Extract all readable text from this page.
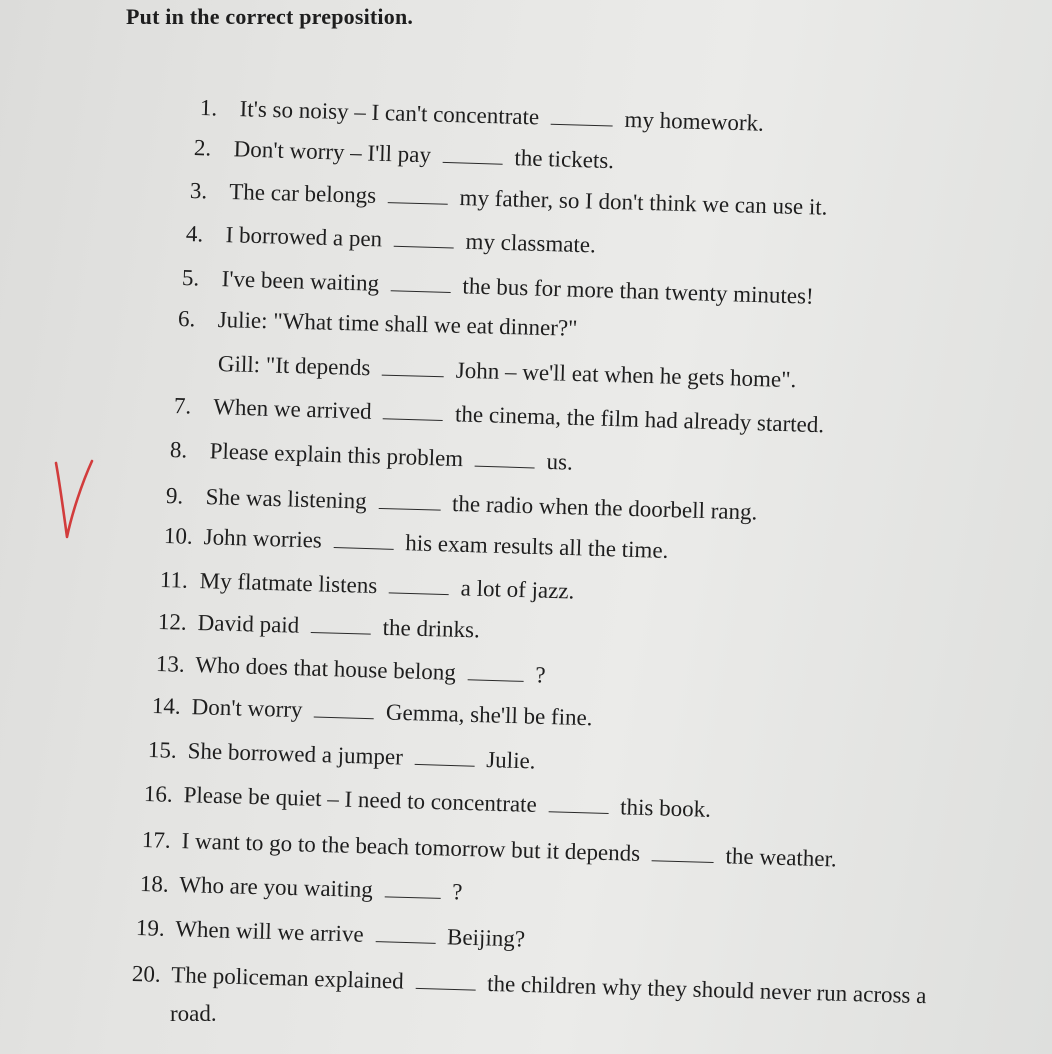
Put in the correct preposition.
1. It's so noisy – I can't concentrate	my homework.
2. Don't worry – I'll pay	the tickets.
3. The car belongs	my father, so I don't think we can use it.
4. I borrowed a pen	my classmate.
5. I've been waiting	the bus for more than twenty minutes!
6. Julie: "What time shall we eat dinner?"
Gill: "It depends	John – we'll eat when he gets home".
7. When we arrived	the cinema, the film had already started.
8. Please explain this problem	us.
9. She was listening	the radio when the doorbell rang.
10. John worries	his exam results all the time.
11. My flatmate listens	a lot of jazz.
12. David paid	the drinks.
13. Who does that house belong	?
14. Don't worry	Gemma, she'll be fine.
15. She borrowed a jumper	Julie.
16. Please be quiet – I need to concentrate	this book.
17. I want to go to the beach tomorrow but it depends	the weather.
18. Who are you waiting	?
19. When will we arrive	Beijing?
20. The policeman explained	the children why they should never run across a
road.
